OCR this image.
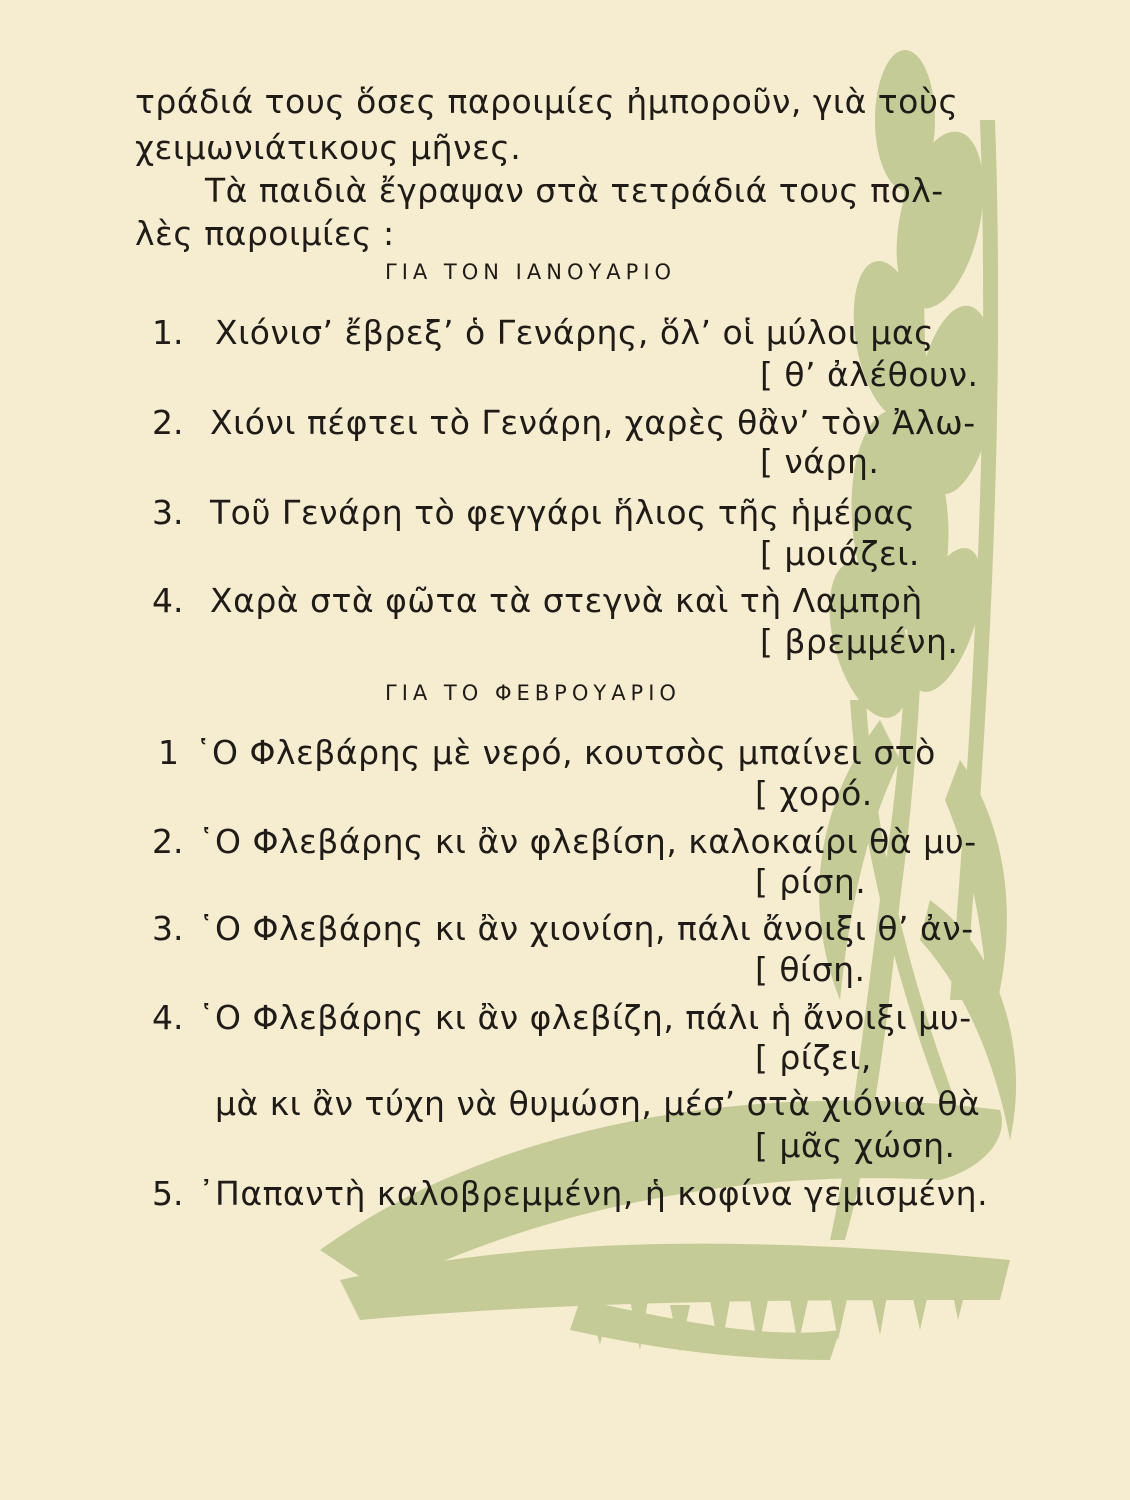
τράδιά τους ὅσες παροιμίες ἠμποροῦν, γιὰ τοὺς
χειμωνιάτικους μῆνες.
Τὰ παιδιὰ ἔγραψαν στὰ τετράδιά τους πολ-
λὲς παροιμίες :
ΓΙΑ ΤΟΝ ΙΑΝΟΥΑΡΙΟ
1. Χιόνισ’ ἔβρεξ’ ὁ Γενάρης, ὅλ’ οἱ μύλοι μας
[ θ’ ἀλέθουν.
2. Χιόνι πέφτει τὸ Γενάρη, χαρὲς θἂν’ τὸν Ἀλω-
[ νάρη.
3. Τοῦ Γενάρη τὸ φεγγάρι ἥλιος τῆς ἡμέρας
[ μοιάζει.
4. Χαρὰ στὰ φῶτα τὰ στεγνὰ καὶ τὴ Λαμπρὴ
[ βρεμμένη.
ΓΙΑ ΤΟ ΦΕΒΡΟΥΑΡΙΟ
1 ῾Ο Φλεβάρης μὲ νερό, κουτσὸς μπαίνει στὸ
[ χορό.
2. ῾Ο Φλεβάρης κι ἂν φλεβίση, καλοκαίρι θὰ μυ-
[ ρίση.
3. ῾Ο Φλεβάρης κι ἂν χιονίση, πάλι ἄνοιξι θ’ ἀν-
[ θίση.
4. ῾Ο Φλεβάρης κι ἂν φλεβίζη, πάλι ἡ ἄνοιξι μυ-
[ ρίζει,
μὰ κι ἂν τύχη νὰ θυμώση, μέσ’ στὰ χιόνια θὰ
[ μᾶς χώση.
5. ᾿Παπαντὴ καλοβρεμμένη, ἡ κοφίνα γεμισμένη.
